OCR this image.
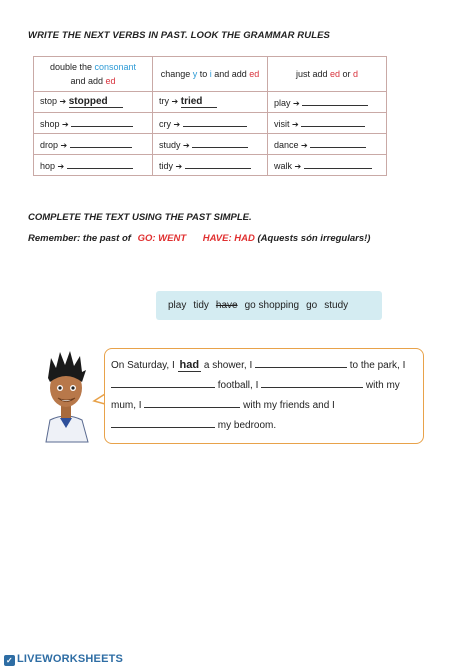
WRITE THE NEXT VERBS IN PAST. LOOK THE GRAMMAR RULES
double the consonant
and add ed	change y to i and add ed	just add ed or d
stop ➔ stopped	try ➔ tried	play ➔
shop ➔	cry ➔	visit ➔
drop ➔	study ➔	dance ➔
hop ➔	tidy ➔	walk ➔
COMPLETE THE TEXT USING THE PAST SIMPLE.
Remember: the past of GO: WENT HAVE: HAD (Aquests són irregulars!)
play tidy have go shopping go study
On Saturday, I had a shower, I	to the park, I
football, I	with my
mum, I	with my friends and I
my bedroom.
✓ LIVEWORKSHEETS
